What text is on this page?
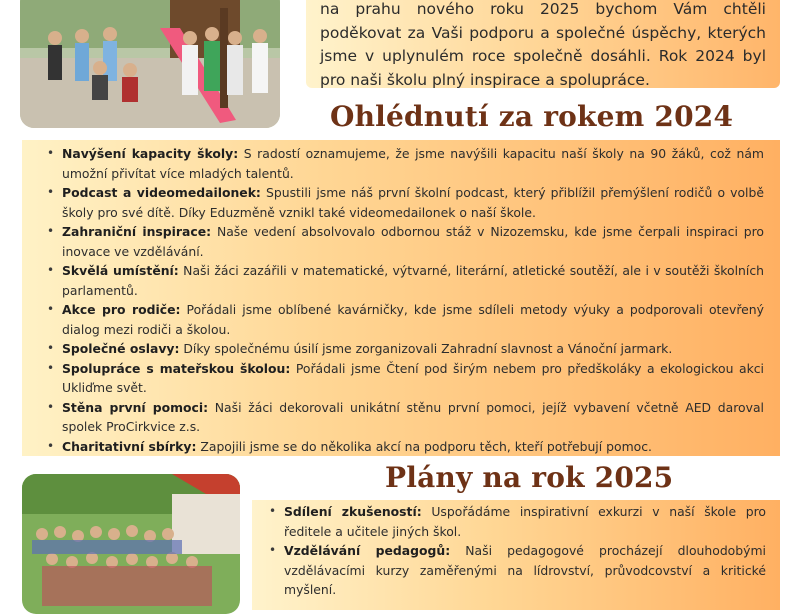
na prahu nového roku 2025 bychom Vám chtěli poděkovat za Vaši podporu a společné úspěchy, kterých jsme v uplynulém roce společně dosáhli. Rok 2024 byl pro naši školu plný inspirace a spolupráce.

Ohlédnutí za rokem 2024
• Navýšení kapacity školy: S radostí oznamujeme, že jsme navýšili kapacitu naší školy na 90 žáků, což nám umožní přivítat více mladých talentů.
• Podcast a videomedailonek: Spustili jsme náš první školní podcast, který přiblížil přemýšlení rodičů o volbě školy pro své dítě. Díky Eduzměně vznikl také videomedailonek o naší škole.
• Zahraniční inspirace: Naše vedení absolvovalo odbornou stáž v Nizozemsku, kde jsme čerpali inspiraci pro inovace ve vzdělávání.
• Skvělá umístění: Naši žáci zazářili v matematické, výtvarné, literární, atletické soutěží, ale i v soutěži školních parlamentů.
• Akce pro rodiče: Pořádali jsme oblíbené kavárničky, kde jsme sdíleli metody výuky a podporovali otevřený dialog mezi rodiči a školou.
• Společné oslavy: Díky společnému úsilí jsme zorganizovali Zahradní slavnost a Vánoční jarmark.
• Spolupráce s mateřskou školou: Pořádali jsme Čtení pod širým nebem pro předškoláky a ekologickou akci Ukliďme svět.
• Stěna první pomoci: Naši žáci dekorovali unikátní stěnu první pomoci, jejíž vybavení včetně AED daroval spolek ProCirkvice z.s.
• Charitativní sbírky: Zapojili jsme se do několika akcí na podporu těch, kteří potřebují pomoc.
Plány na rok 2025
• Sdílení zkušeností: Uspořádáme inspirativní exkurzi v naší škole pro ředitele a učitele jiných škol.
• Vzdělávání pedagogů: Naši pedagogové procházejí dlouhodobými vzdělávacími kurzy zaměřenými na lídrovství, průvodcovství a kritické myšlení.
